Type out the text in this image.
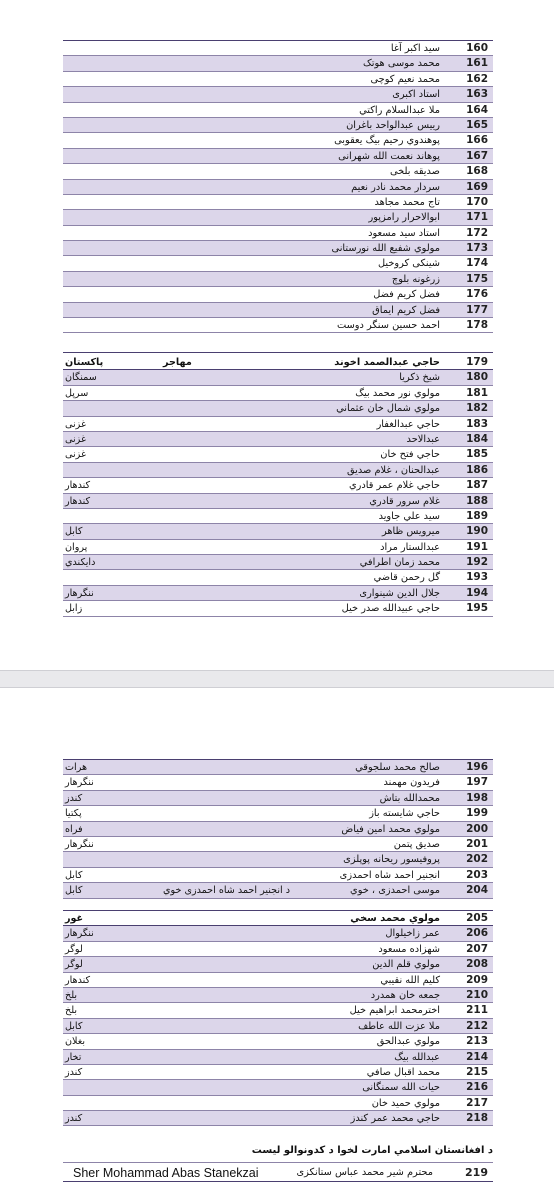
160
سيد اکبر آغا
161
محمد موسی هوتک
162
محمد نعيم کوچی
163
استاد اکبری
164
ملا عبدالسلام راکتي
165
رييس عبدالواحد باغران
166
پوهندوي رحيم بيگ يعقوبی
167
پوهاند نعمت الله شهرانی
168
صديقه بلخی
169
سردار محمد نادر نعيم
170
تاج محمد مجاهد
171
ابوالاحرار رامزپور
172
استاد سيد مسعود
173
مولوي شفيع الله نورستانی
174
شينکی کروخيل
175
زرغونه بلوچ
176
فضل کريم فضل
177
فضل کريم ايماق
178
احمد حسين سنگر دوست
179
حاجي عبدالصمد اخوند
مهاجر
پاکستان
180
شيخ ذکريا
سمنگان
181
مولوي نور محمد بيگ
سرپل
182
مولوي شمال خان عثماني
183
حاجي عبدالغفار
غزنی
184
عبدالاحد
غزنی
185
حاجي فتح خان
غزنی
186
عبدالحنان ، غلام صديق
187
حاجي غلام عمر قادري
کندهار
188
غلام سرور قادري
کندهار
189
سيد علي جاويد
190
ميرويس ظاهر
کابل
191
عبدالستار مراد
پروان
192
محمد زمان اطرافي
دايکندي
193
گل رحمن قاضي
194
جلال الدين شينواری
ننگرهار
195
حاجي عبيدالله صدر خيل
زابل
196
صالح محمد سلجوقي
هرات
197
فريدون مهمند
ننگرهار
198
محمدالله بتاش
کندز
199
حاجي شايسته باز
پکتيا
200
مولوي محمد امين فياض
فراه
201
صديق پتمن
ننگرهار
202
پروفيسور ريحانه پوپلزی
203
انجنير احمد شاه احمدزی
کابل
204
موسی احمدزی ، خوي
د انجنير احمد شاه احمدزی خوي
کابل
205
مولوي محمد سخي
غور
206
عمر زاخيلوال
ننگرهار
207
شهزاده مسعود
لوگر
208
مولوي قلم الدين
لوگر
209
کليم الله نقيبي
کندهار
210
جمعه خان همدرد
بلخ
211
اخترمحمد ابراهيم خيل
بلخ
212
ملا عزت الله عاطف
کابل
213
مولوي عبدالحق
بغلان
214
عبدالله بيگ
تخار
215
محمد اقبال صافي
کندز
216
حيات الله سمنگانی
217
مولوي حميد خان
218
حاجي محمد عمر کندز
کندز
د افغانستان اسلامي امارت لخوا د کدونوالو ليست
219
محترم شير محمد عباس ستانکزی
Sher Mohammad Abas Stanekzai
